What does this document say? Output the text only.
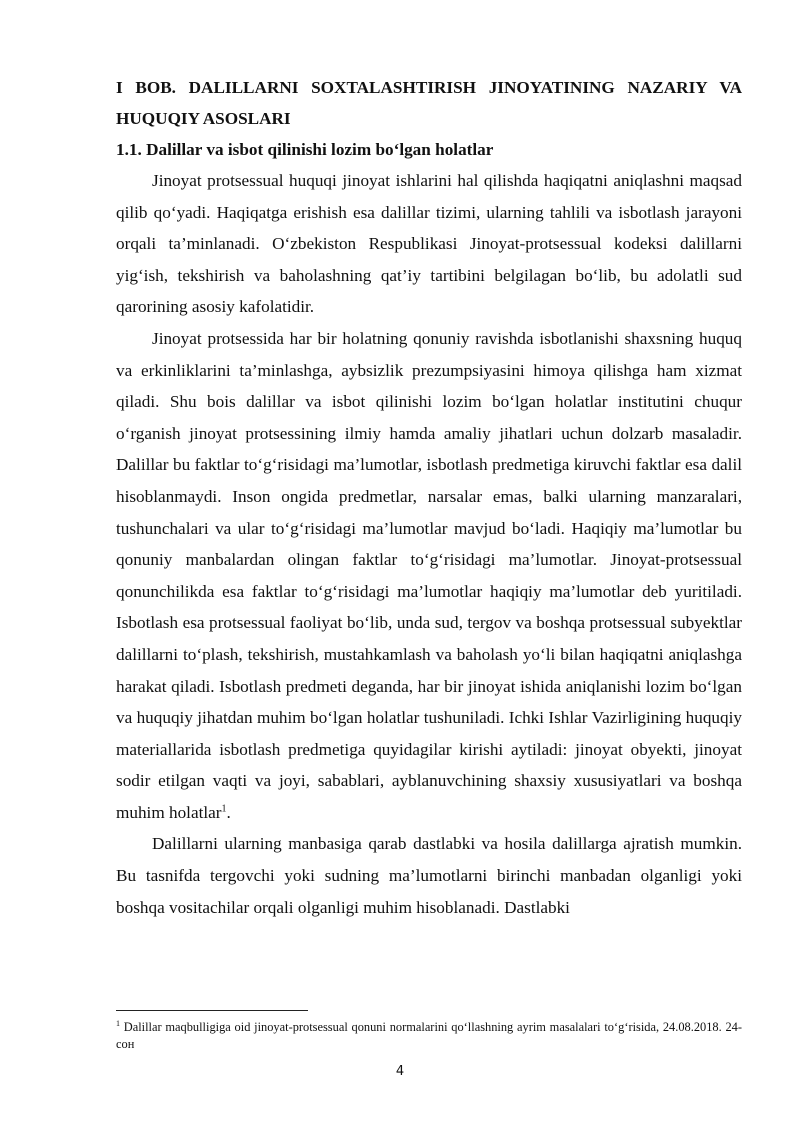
I BOB. DALILLARNI SOXTALASHTIRISH JINOYATINING NAZARIY VA HUQUQIY ASOSLARI

1.1. Dalillar va isbot qilinishi lozim bo‘lgan holatlar

Jinoyat protsessual huquqi jinoyat ishlarini hal qilishda haqiqatni aniqlashni maqsad qilib qo‘yadi. Haqiqatga erishish esa dalillar tizimi, ularning tahlili va isbotlash jarayoni orqali ta’minlanadi. O‘zbekiston Respublikasi Jinoyat-protsessual kodeksi dalillarni yig‘ish, tekshirish va baholashning qat’iy tartibini belgilagan bo‘lib, bu adolatli sud qarorining asosiy kafolatidir.

Jinoyat protsessida har bir holatning qonuniy ravishda isbotlanishi shaxsning huquq va erkinliklarini ta’minlashga, aybsizlik prezumpsiyasini himoya qilishga ham xizmat qiladi. Shu bois dalillar va isbot qilinishi lozim bo‘lgan holatlar institutini chuqur o‘rganish jinoyat protsessining ilmiy hamda amaliy jihatlari uchun dolzarb masaladir. Dalillar bu faktlar to‘g‘risidagi ma’lumotlar, isbotlash predmetiga kiruvchi faktlar esa dalil hisoblanmaydi. Inson ongida predmetlar, narsalar emas, balki ularning manzaralari, tushunchalari va ular to‘g‘risidagi ma’lumotlar mavjud bo‘ladi. Haqiqiy ma’lumotlar bu qonuniy manbalardan olingan faktlar to‘g‘risidagi ma’lumotlar. Jinoyat-protsessual qonunchilikda esa faktlar to‘g‘risidagi ma’lumotlar haqiqiy ma’lumotlar deb yuritiladi. Isbotlash esa protsessual faoliyat bo‘lib, unda sud, tergov va boshqa protsessual subyektlar dalillarni to‘plash, tekshirish, mustahkamlash va baholash yo‘li bilan haqiqatni aniqlashga harakat qiladi. Isbotlash predmeti deganda, har bir jinoyat ishida aniqlanishi lozim bo‘lgan va huquqiy jihatdan muhim bo‘lgan holatlar tushuniladi. Ichki Ishlar Vazirligining huquqiy materiallarida isbotlash predmetiga quyidagilar kirishi aytiladi: jinoyat obyekti, jinoyat sodir etilgan vaqti va joyi, sabablari, ayblanuvchining shaxsiy xususiyatlari va boshqa muhim holatlar$^1$.

Dalillarni ularning manbasiga qarab dastlabki va hosila dalillarga ajratish mumkin. Bu tasnifda tergovchi yoki sudning ma’lumotlarni birinchi manbadan olganligi yoki boshqa vositachilar orqali olganligi muhim hisoblanadi. Dastlabki

$^1$ Dalillar maqbulligiga oid jinoyat-protsessual qonuni normalarini qo‘llashning ayrim masalalari to‘g‘risida, 24.08.2018. 24-сон
4
